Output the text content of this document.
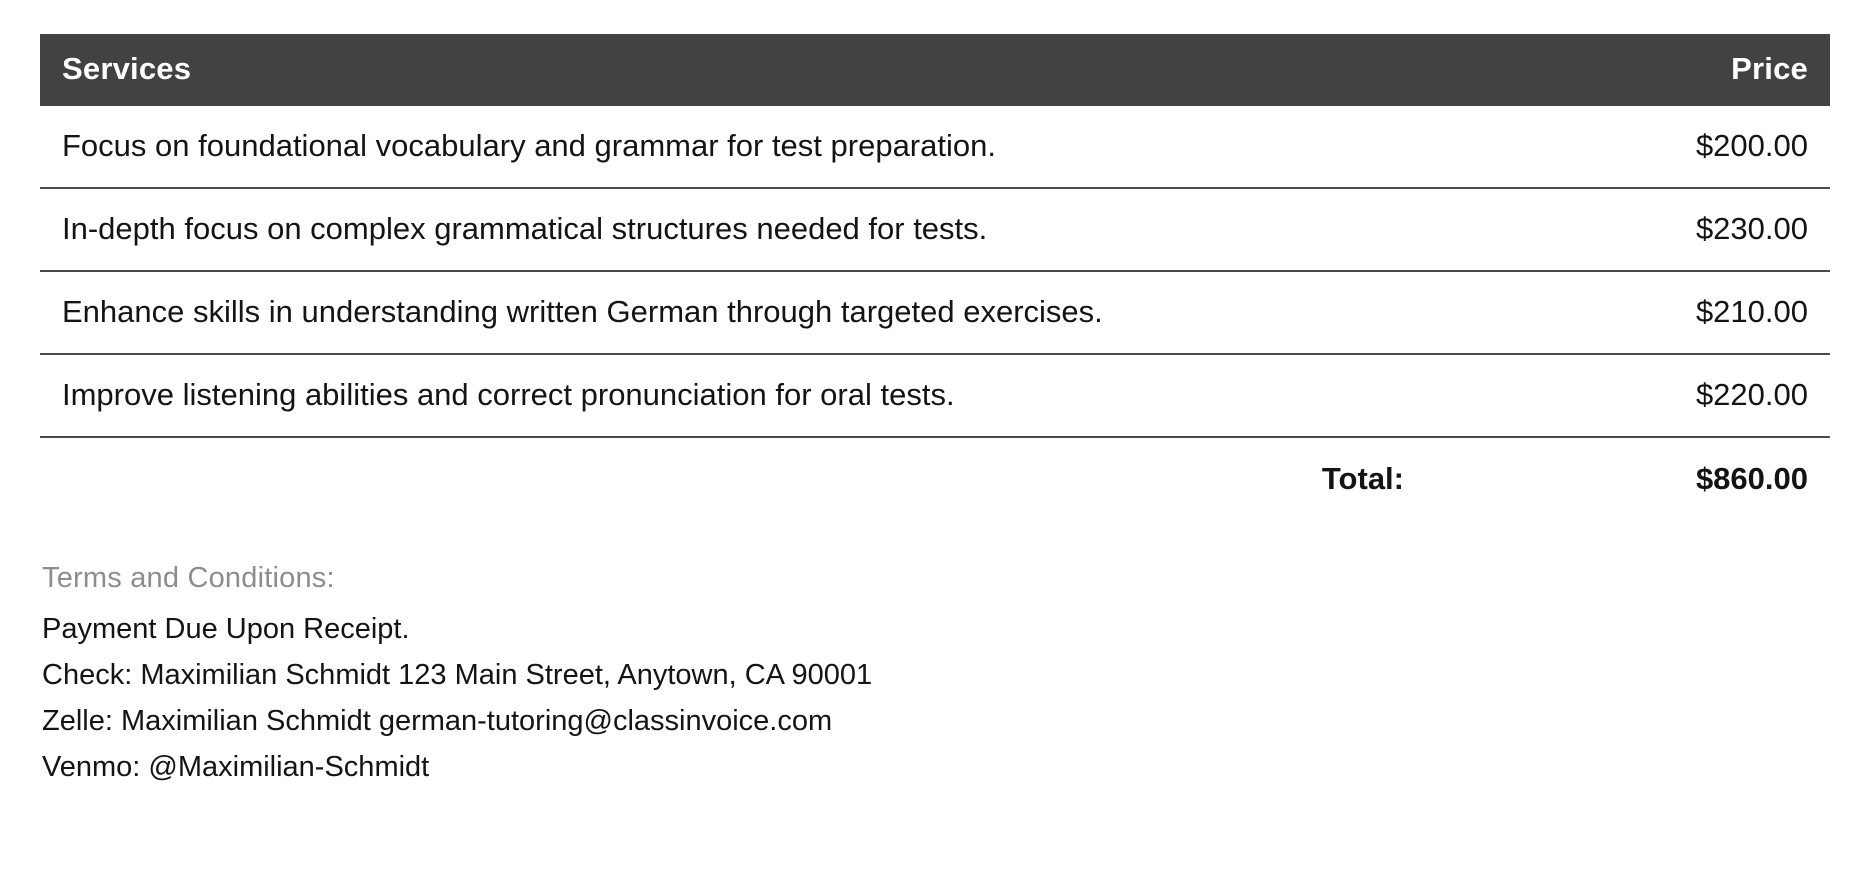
Services	Price
Focus on foundational vocabulary and grammar for test preparation.	$200.00
In-depth focus on complex grammatical structures needed for tests.	$230.00
Enhance skills in understanding written German through targeted exercises.	$210.00
Improve listening abilities and correct pronunciation for oral tests.	$220.00
Total:	$860.00
Terms and Conditions:
Payment Due Upon Receipt.
Check: Maximilian Schmidt 123 Main Street, Anytown, CA 90001
Zelle: Maximilian Schmidt german-tutoring@classinvoice.com
Venmo: @Maximilian-Schmidt
